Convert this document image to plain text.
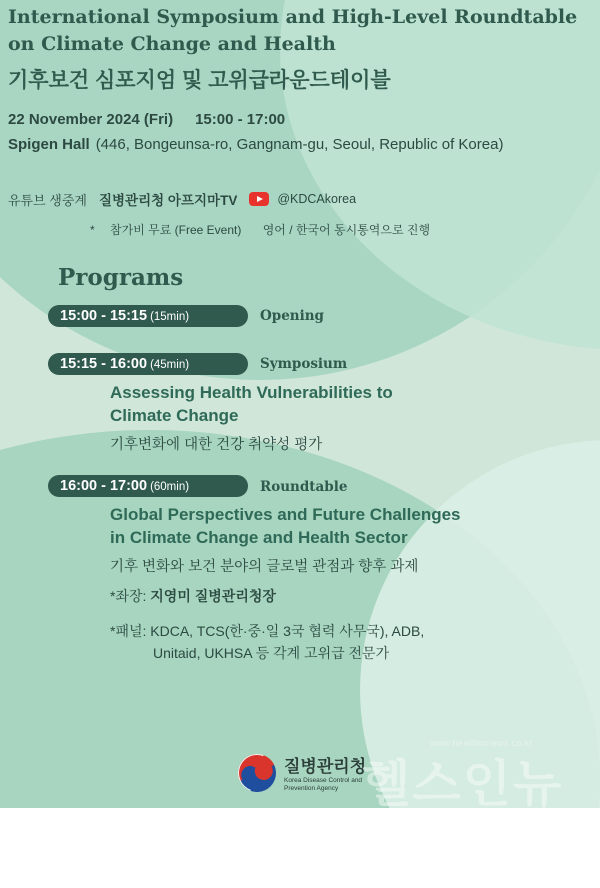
International Symposium and High-Level Roundtable
on Climate Change and Health
기후보건 심포지엄 및 고위급라운드테이블
22 November 2024 (Fri) 15:00 - 17:00
Spigen Hall (446, Bongeunsa-ro, Gangnam-gu, Seoul, Republic of Korea)
유튜브 생중계 질병관리청 아프지마TV	@KDCAkorea
* 참가비 무료 (Free Event) 영어 / 한국어 동시통역으로 진행
Programs
15:00 - 15:15 (15min)	Opening
15:15 - 16:00 (45min)	Symposium
Assessing Health Vulnerabilities to
Climate Change
기후변화에 대한 건강 취약성 평가
16:00 - 17:00 (60min)	Roundtable
Global Perspectives and Future Challenges
in Climate Change and Health Sector
기후 변화와 보건 분야의 글로벌 관점과 향후 과제
*좌장: 지영미 질병관리청장
*패널: KDCA, TCS(한·중·일 3국 협력 사무국), ADB,
Unitaid, UKHSA 등 각계 고위급 전문가
질병관리청
Korea Disease Control and
Prevention Agency
www.healthinnews.co.kr
헬스인뉴스
